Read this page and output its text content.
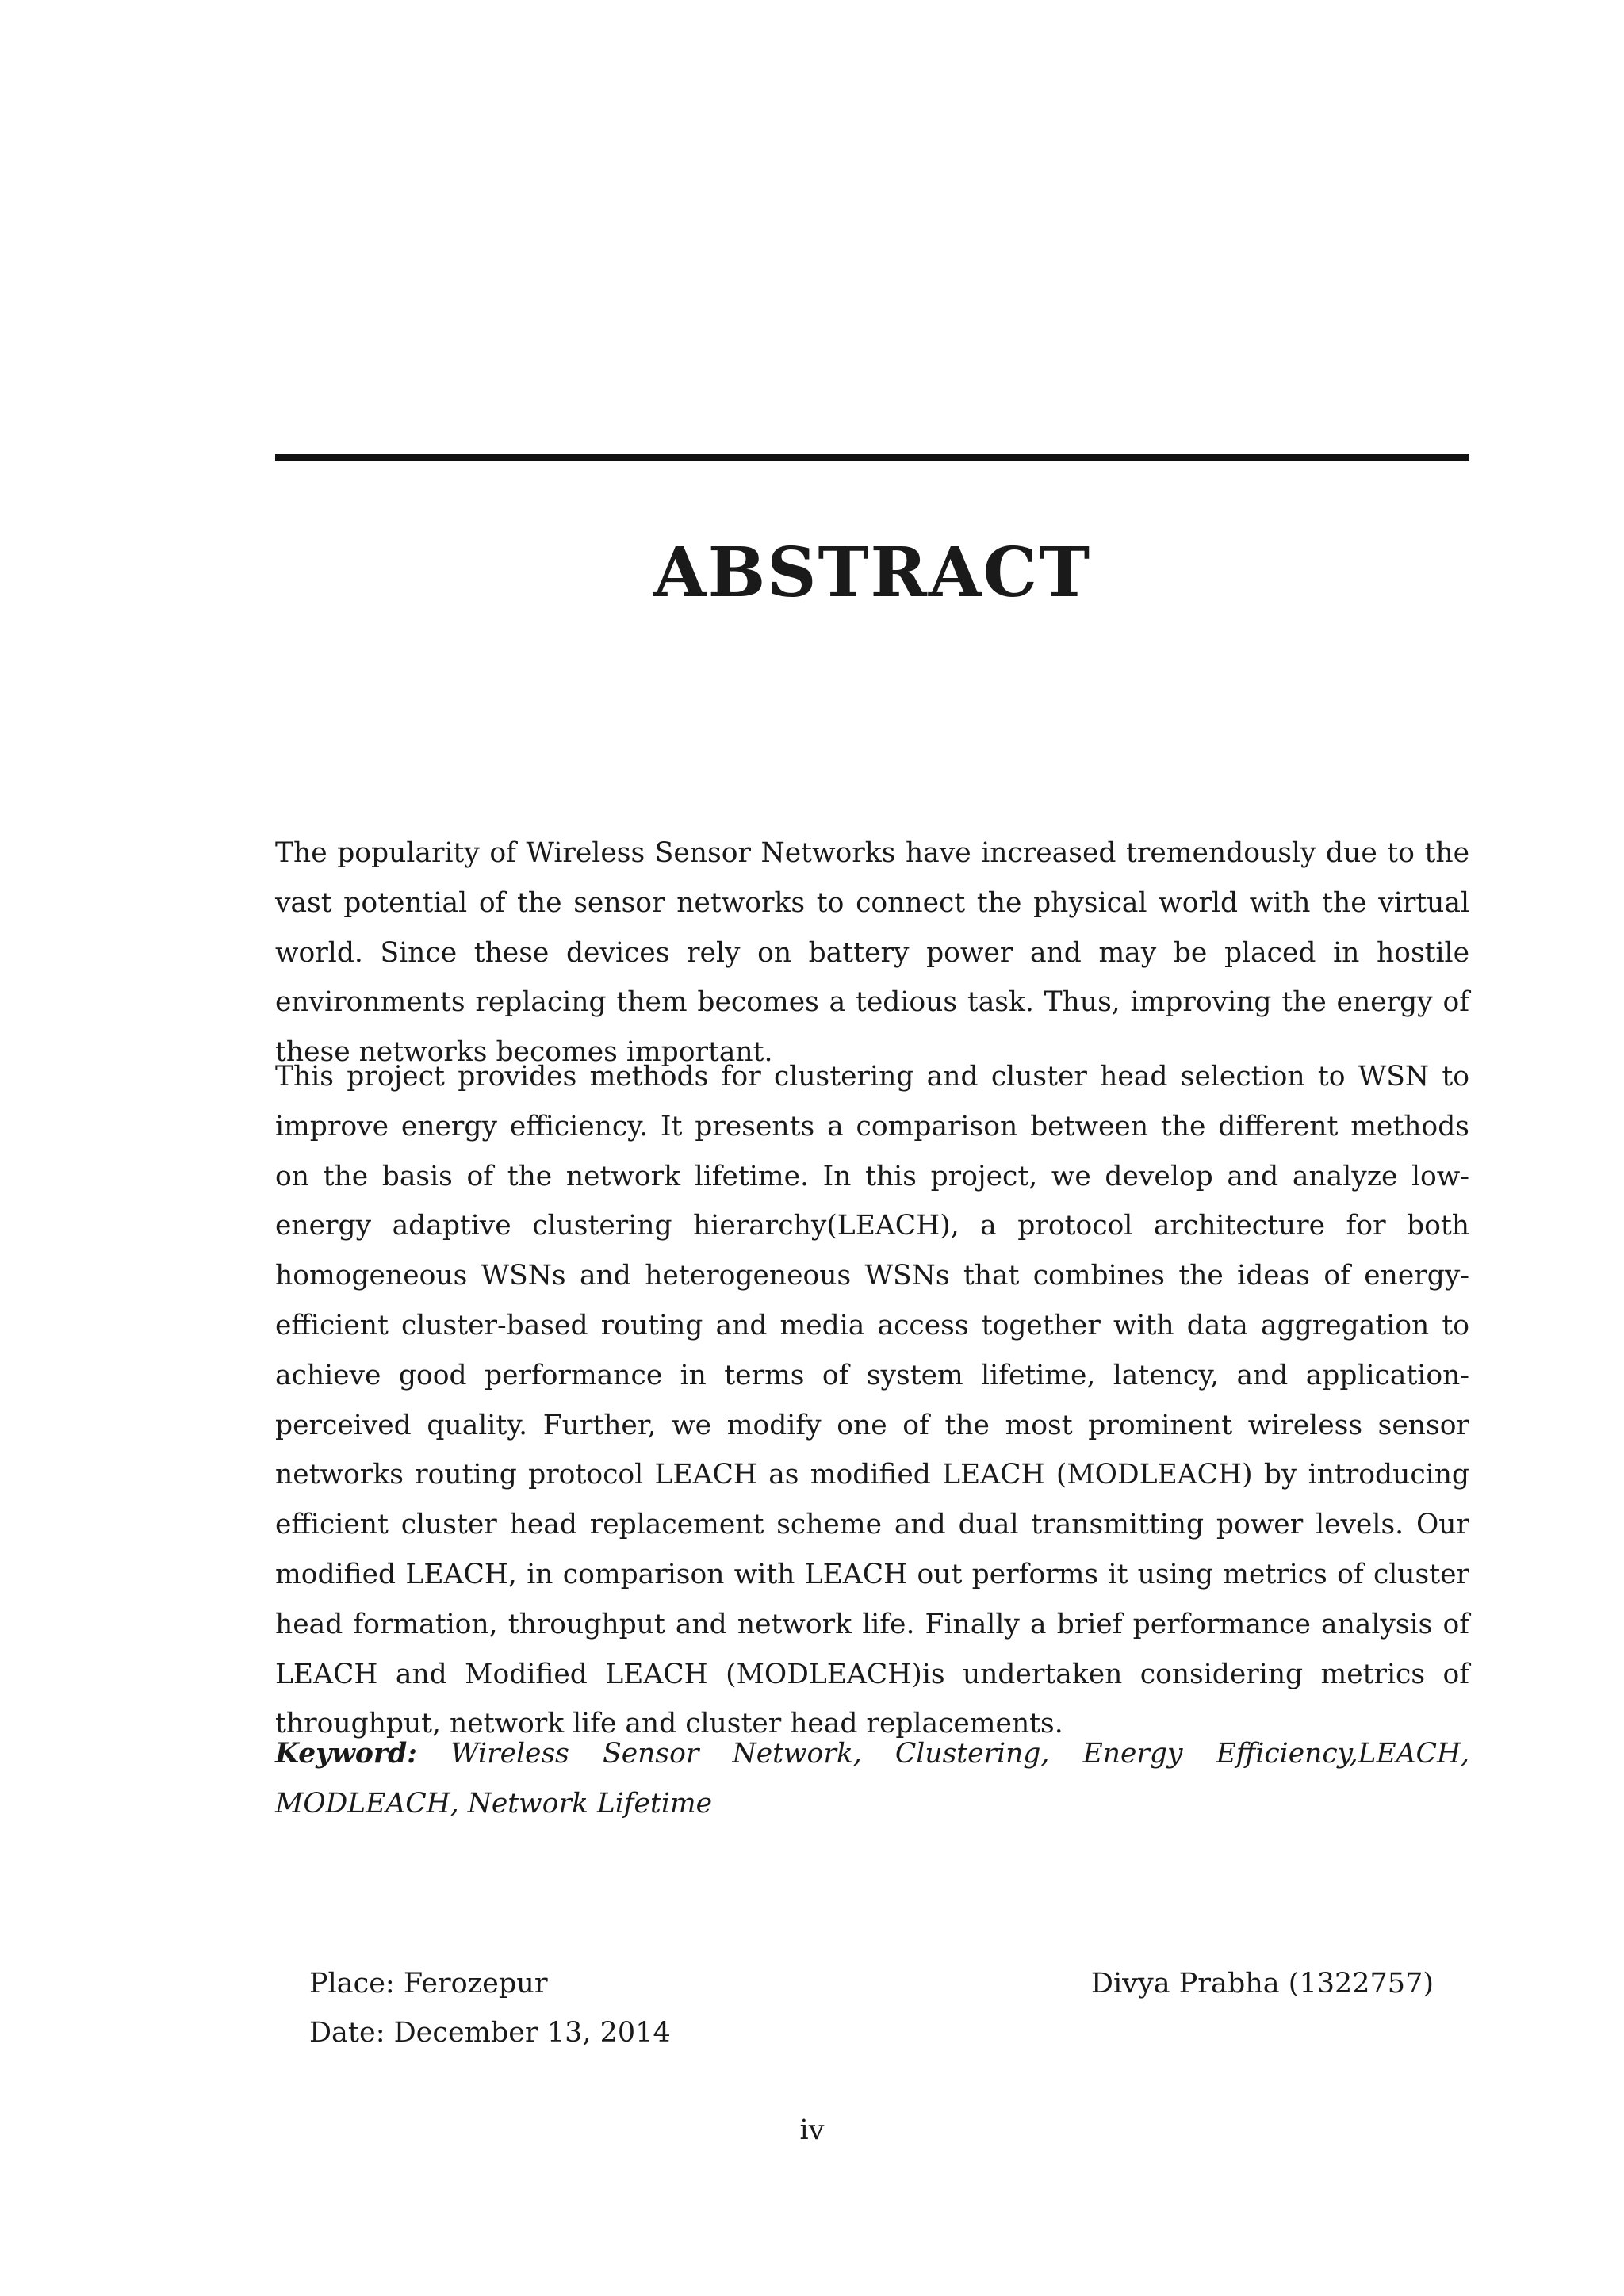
ABSTRACT

The popularity of Wireless Sensor Networks have increased tremendously due to the vast potential of the sensor networks to connect the physical world with the virtual world. Since these devices rely on battery power and may be placed in hostile environments replacing them becomes a tedious task. Thus, improving the energy of these networks becomes important.

This project provides methods for clustering and cluster head selection to WSN to improve energy efficiency. It presents a comparison between the different methods on the basis of the network lifetime. In this project, we develop and analyze low-energy adaptive clustering hierarchy(LEACH), a protocol architecture for both homogeneous WSNs and heterogeneous WSNs that combines the ideas of energy-efficient cluster-based routing and media access together with data aggregation to achieve good performance in terms of system lifetime, latency, and application-perceived quality. Further, we modify one of the most prominent wireless sensor networks routing protocol LEACH as modified LEACH (MODLEACH) by introducing efficient cluster head replacement scheme and dual transmitting power levels. Our modified LEACH, in comparison with LEACH out performs it using metrics of cluster head formation, throughput and network life. Finally a brief performance analysis of LEACH and Modified LEACH (MODLEACH)is undertaken considering metrics of throughput, network life and cluster head replacements.

Keyword: Wireless Sensor Network, Clustering, Energy Efficiency,LEACH, MODLEACH, Network Lifetime

Place: Ferozepur

Date: December 13, 2014

Divya Prabha (1322757)

iv
